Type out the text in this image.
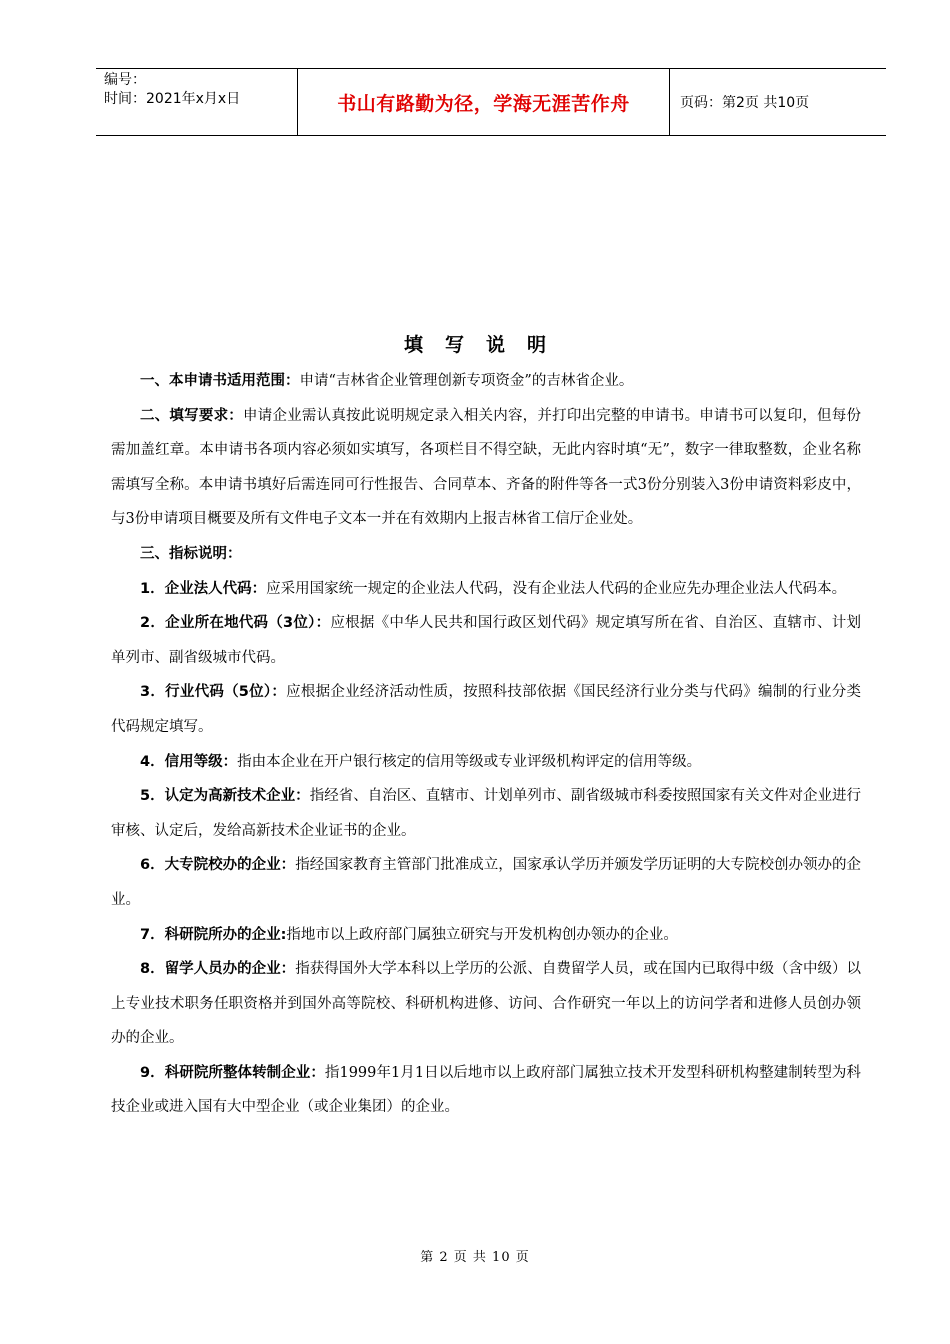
编号：
时间：2021年x月x日	书山有路勤为径，学海无涯苦作舟	页码：第2页 共10页
填写说明

一、本申请书适用范围：申请“吉林省企业管理创新专项资金”的吉林省企业。

二、填写要求：申请企业需认真按此说明规定录入相关内容，并打印出完整的申请书。申请书可以复印，但每份需加盖红章。本申请书各项内容必须如实填写，各项栏目不得空缺，无此内容时填“无”，数字一律取整数，企业名称需填写全称。本申请书填好后需连同可行性报告、合同草本、齐备的附件等各一式3份分别装入3份申请资料彩皮中，与3份申请项目概要及所有文件电子文本一并在有效期内上报吉林省工信厅企业处。

三、指标说明：

1．企业法人代码：应采用国家统一规定的企业法人代码，没有企业法人代码的企业应先办理企业法人代码本。

2．企业所在地代码（3位）：应根据《中华人民共和国行政区划代码》规定填写所在省、自治区、直辖市、计划单列市、副省级城市代码。

3．行业代码（5位）：应根据企业经济活动性质，按照科技部依据《国民经济行业分类与代码》编制的行业分类代码规定填写。

4．信用等级：指由本企业在开户银行核定的信用等级或专业评级机构评定的信用等级。

5．认定为高新技术企业：指经省、自治区、直辖市、计划单列市、副省级城市科委按照国家有关文件对企业进行审核、认定后，发给高新技术企业证书的企业。

6．大专院校办的企业：指经国家教育主管部门批准成立，国家承认学历并颁发学历证明的大专院校创办领办的企业。

7．科研院所办的企业:指地市以上政府部门属独立研究与开发机构创办领办的企业。

8．留学人员办的企业：指获得国外大学本科以上学历的公派、自费留学人员，或在国内已取得中级（含中级）以上专业技术职务任职资格并到国外高等院校、科研机构进修、访问、合作研究一年以上的访问学者和进修人员创办领办的企业。

9．科研院所整体转制企业：指1999年1月1日以后地市以上政府部门属独立技术开发型科研机构整建制转型为科技企业或进入国有大中型企业（或企业集团）的企业。

第 2 页 共 10 页
